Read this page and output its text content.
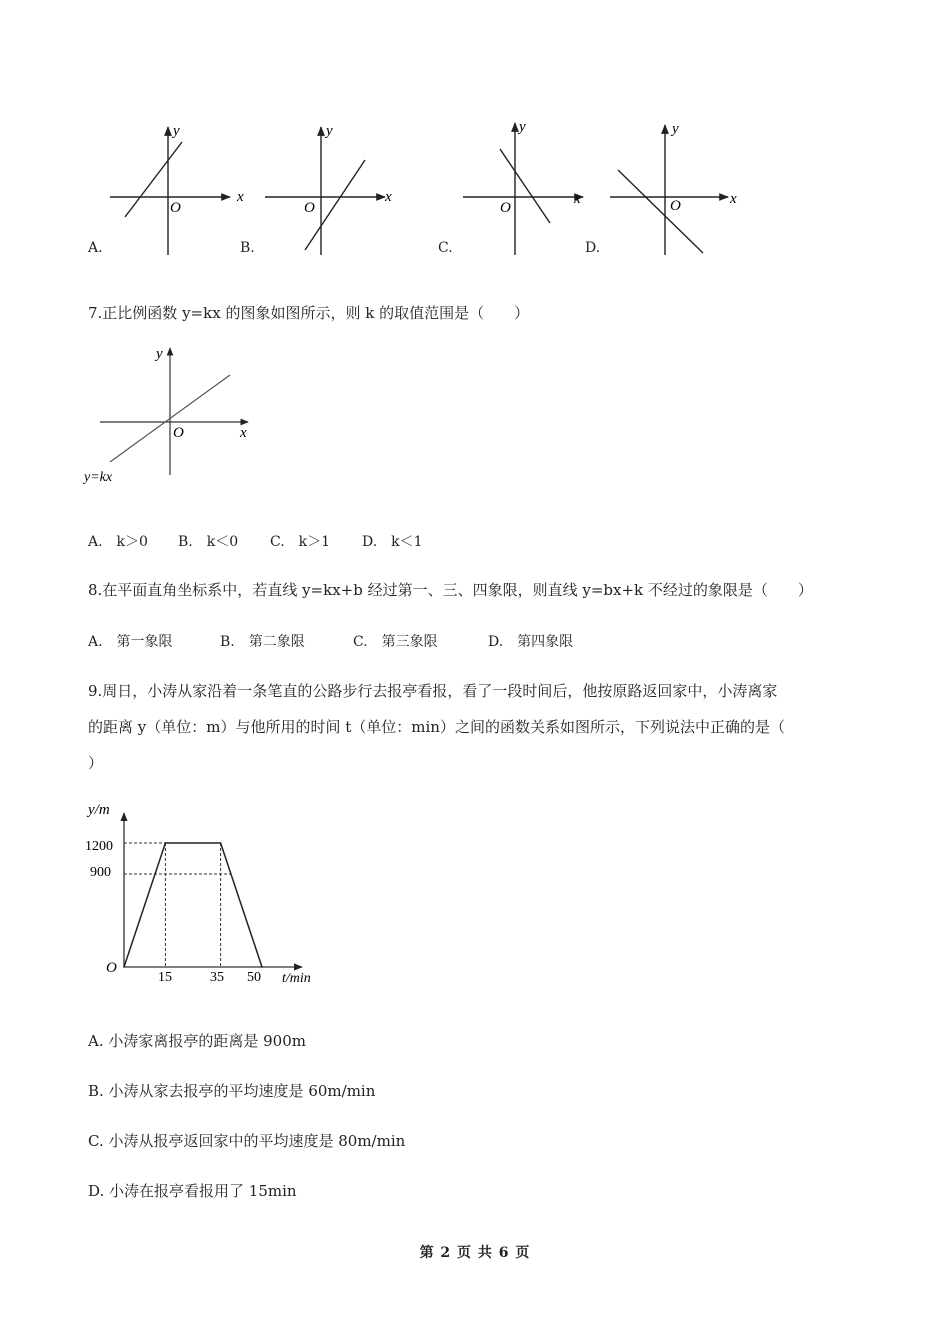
x
y
O
A.
x
y
O
B.
x
y
O
C.
x
y
O
D.
7.正比例函数 y=kx 的图象如图所示，则 k 的取值范围是（　　）
y
x
O
y=kx
A.　k＞0 B.　k＜0 C.　k＞1 D.　k＜1
8.在平面直角坐标系中，若直线 y=kx+b 经过第一、三、四象限，则直线 y=bx+k 不经过的象限是（　　）
A.　第一象限	B.　第二象限	C.　第三象限	D.　第四象限
9.周日，小涛从家沿着一条笔直的公路步行去报亭看报，看了一段时间后，他按原路返回家中，小涛离家
的距离 y（单位：m）与他所用的时间 t（单位：min）之间的函数关系如图所示，下列说法中正确的是（
）
y/m
t/min
O
1200
900
15	35 50
A. 小涛家离报亭的距离是 900m
B. 小涛从家去报亭的平均速度是 60m/min
C. 小涛从报亭返回家中的平均速度是 80m/min
D. 小涛在报亭看报用了 15min
第 2 页 共 6 页
